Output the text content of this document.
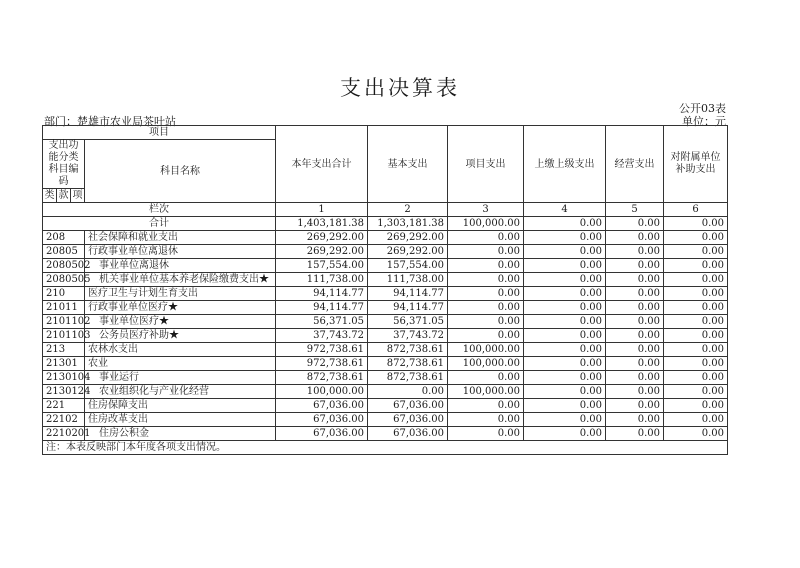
支出决算表
公开03表
部门：楚雄市农业局茶叶站	单位：元
项目				本年支出合计	基本支出	项目支出	上缴上级支出	经营支出	对附属单位补助支出
支出功能分类科目编码			科目名称						
类	款	项							
栏次				1	2	3	4	5	6
合计				1,403,181.38	1,303,181.38	100,000.00	0.00	0.00	0.00
208			社会保障和就业支出	269,292.00	269,292.00	0.00	0.00	0.00	0.00
20805			行政事业单位离退休	269,292.00	269,292.00	0.00	0.00	0.00	0.00
2080502			事业单位离退休	157,554.00	157,554.00	0.00	0.00	0.00	0.00
2080505			机关事业单位基本养老保险缴费支出★	111,738.00	111,738.00	0.00	0.00	0.00	0.00
210			医疗卫生与计划生育支出	94,114.77	94,114.77	0.00	0.00	0.00	0.00
21011			行政事业单位医疗★	94,114.77	94,114.77	0.00	0.00	0.00	0.00
2101102			事业单位医疗★	56,371.05	56,371.05	0.00	0.00	0.00	0.00
2101103			公务员医疗补助★	37,743.72	37,743.72	0.00	0.00	0.00	0.00
213			农林水支出	972,738.61	872,738.61	100,000.00	0.00	0.00	0.00
21301			农业	972,738.61	872,738.61	100,000.00	0.00	0.00	0.00
2130104			事业运行	872,738.61	872,738.61	0.00	0.00	0.00	0.00
2130124			农业组织化与产业化经营	100,000.00	0.00	100,000.00	0.00	0.00	0.00
221			住房保障支出	67,036.00	67,036.00	0.00	0.00	0.00	0.00
22102			住房改革支出	67,036.00	67,036.00	0.00	0.00	0.00	0.00
2210201			住房公积金	67,036.00	67,036.00	0.00	0.00	0.00	0.00
注：本表反映部门本年度各项支出情况。									
